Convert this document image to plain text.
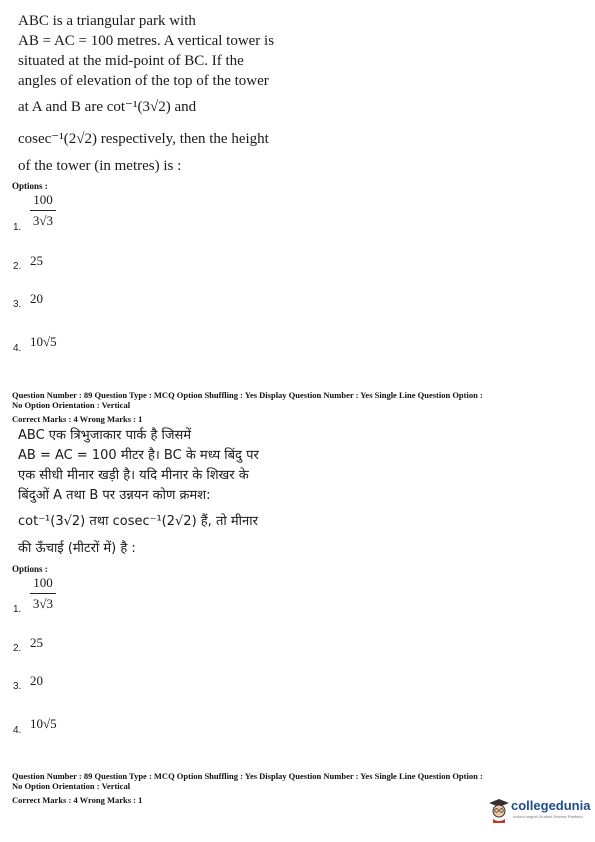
ABC is a triangular park with
AB = AC = 100 metres. A vertical tower is
situated at the mid-point of BC. If the
angles of elevation of the top of the tower
at A and B are cot⁻¹(3√2) and
cosec⁻¹(2√2) respectively, then the height
of the tower (in metres) is :
Options :
1.
100
3√3
2. 25
3. 20
4. 10√5
Question Number : 89 Question Type : MCQ Option Shuffling : Yes Display Question Number : Yes Single Line Question Option :
No Option Orientation : Vertical
Correct Marks : 4 Wrong Marks : 1
ABC एक त्रिभुजाकार पार्क है जिसमें
AB = AC = 100 मीटर है। BC के मध्य बिंदु पर
एक सीधी मीनार खड़ी है। यदि मीनार के शिखर के
बिंदुओं A तथा B पर उन्नयन कोण क्रमश:
cot⁻¹(3√2) तथा cosec⁻¹(2√2) हैं, तो मीनार
की ऊँचाई (मीटरों में) है :
Options :
1.
100
3√3
2. 25
3. 20
4. 10√5
Question Number : 89 Question Type : MCQ Option Shuffling : Yes Display Question Number : Yes Single Line Question Option :
No Option Orientation : Vertical
Correct Marks : 4 Wrong Marks : 1	collegedunia
India's largest Student Review Platform
